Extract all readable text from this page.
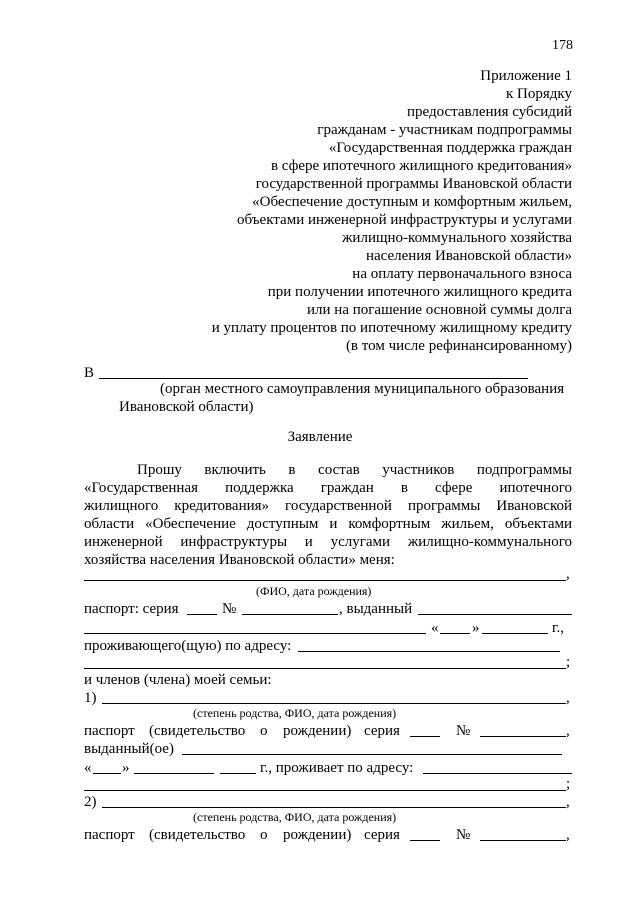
178
Приложение 1
к Порядку
предоставления субсидий
гражданам - участникам подпрограммы
«Государственная поддержка граждан
в сфере ипотечного жилищного кредитования»
государственной программы Ивановской области
«Обеспечение доступным и комфортным жильем,
объектами инженерной инфраструктуры и услугами
жилищно-коммунального хозяйства
населения Ивановской области»
на оплату первоначального взноса
при получении ипотечного жилищного кредита
или на погашение основной суммы долга
и уплату процентов по ипотечному жилищному кредиту
(в том числе рефинансированному)
В
(орган местного самоуправления муниципального образования
Ивановской области)
Заявление
Прошу включить в состав участников подпрограммы
«Государственная поддержка граждан в сфере ипотечного
жилищного кредитования» государственной программы Ивановской
области «Обеспечение доступным и комфортным жильем, объектами
инженерной инфраструктуры и услугами жилищно-коммунального
хозяйства населения Ивановской области» меня:
,
(ФИО, дата рождения)
паспорт: серия	№	, выданный
« »	г.,
проживающего(щую) по адресу:
;
и членов (члена) моей семьи:
1)	,
(степень родства, ФИО, дата рождения)
паспорт (свидетельство о рождении) серия	№	,
выданный(ое)
« »	г., проживает по адресу:
;
2)	,
(степень родства, ФИО, дата рождения)
паспорт (свидетельство о рождении) серия	№	,
